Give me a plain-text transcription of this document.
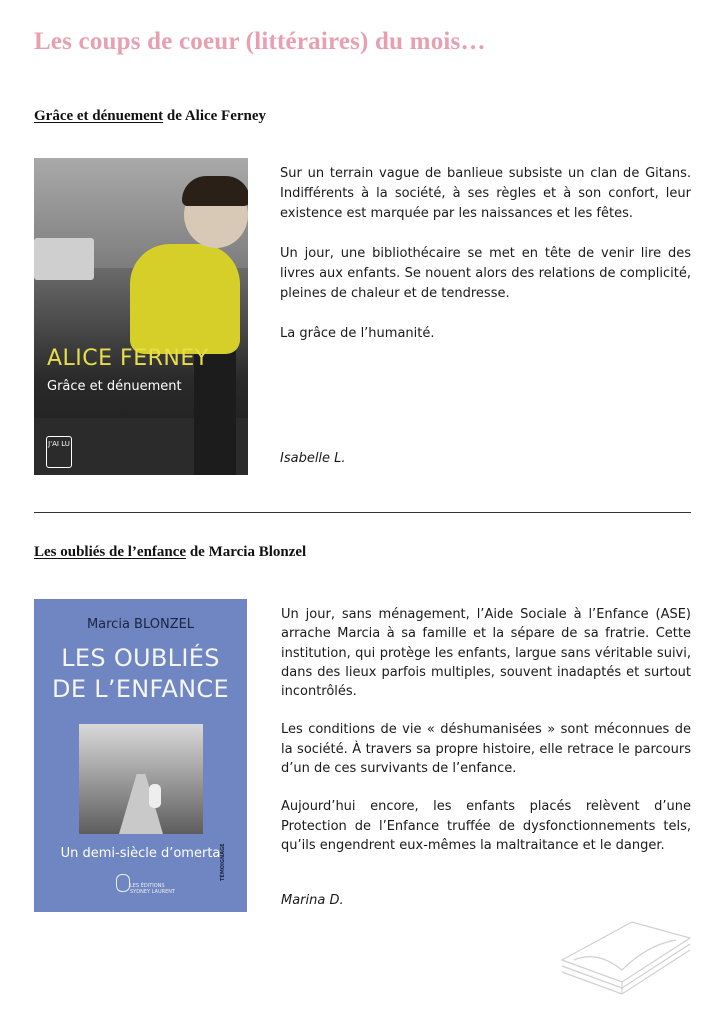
Les coups de coeur (littéraires) du mois…
Grâce et dénuement de Alice Ferney
ALICE FERNEY
Grâce et dénuement
J'AI LU

Sur un terrain vague de banlieue subsiste un clan de Gitans. Indifférents à la société, à ses règles et à son confort, leur existence est marquée par les naissances et les fêtes.

Un jour, une bibliothécaire se met en tête de venir lire des livres aux enfants. Se nouent alors des relations de complicité, pleines de chaleur et de tendresse.

La grâce de l’humanité.

Isabelle L.
Les oubliés de l’enfance de Marcia Blonzel
Marcia BLONZEL
LES OUBLIÉS
DE L’ENFANCE
Un demi-siècle d’omerta
LES ÉDITIONS
SYDNEY LAURENT
TÉMOIGNAGE

Un jour, sans ménagement, l’Aide Sociale à l’Enfance (ASE) arrache Marcia à sa famille et la sépare de sa fratrie. Cette institution, qui protège les enfants, largue sans véritable suivi, dans des lieux parfois multiples, souvent inadaptés et surtout incontrôlés.

Les conditions de vie « déshumanisées » sont méconnues de la société. À travers sa propre histoire, elle retrace le parcours d’un de ces survivants de l’enfance.

Aujourd’hui encore, les enfants placés relèvent d’une Protection de l’Enfance truffée de dysfonctionnements tels, qu’ils engendrent eux-mêmes la maltraitance et le danger.

Marina D.
